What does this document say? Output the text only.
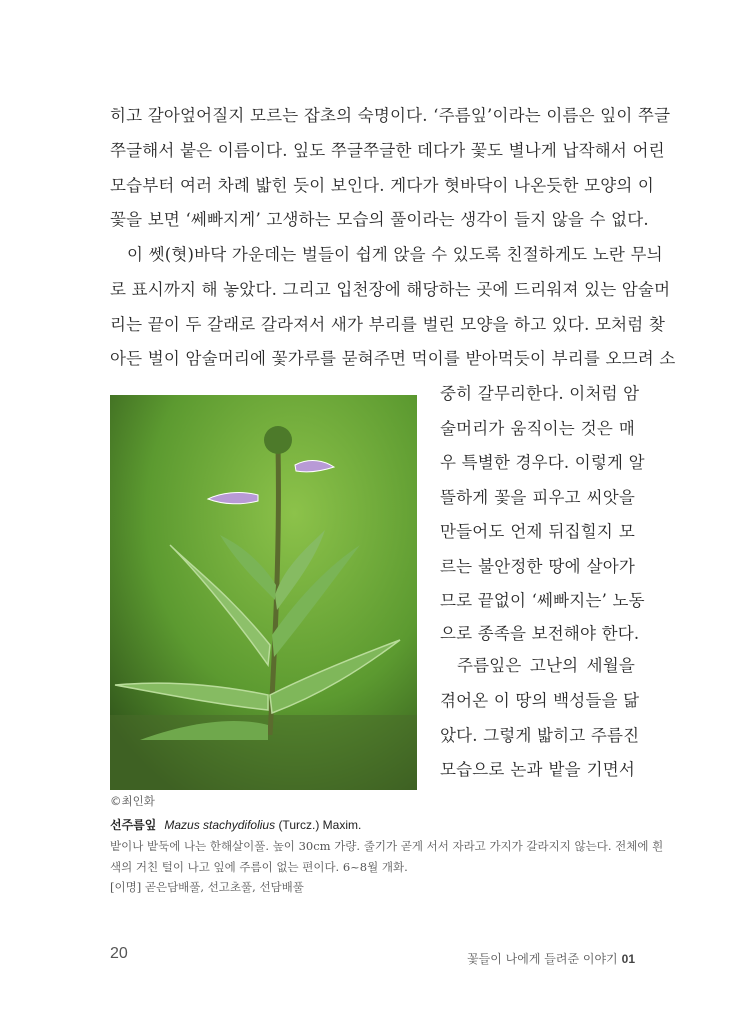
히고 갈아엎어질지 모르는 잡초의 숙명이다. ‘주름잎’이라는 이름은 잎이 쭈글
쭈글해서 붙은 이름이다. 잎도 쭈글쭈글한 데다가 꽃도 별나게 납작해서 어린
모습부터 여러 차례 밟힌 듯이 보인다. 게다가 혓바닥이 나온듯한 모양의 이
꽃을 보면 ‘쎄빠지게’ 고생하는 모습의 풀이라는 생각이 들지 않을 수 없다.
이 쎗(혓)바닥 가운데는 벌들이 쉽게 앉을 수 있도록 친절하게도 노란 무늬
로 표시까지 해 놓았다. 그리고 입천장에 해당하는 곳에 드리워져 있는 암술머
리는 끝이 두 갈래로 갈라져서 새가 부리를 벌린 모양을 하고 있다. 모처럼 찾
아든 벌이 암술머리에 꽃가루를 묻혀주면 먹이를 받아먹듯이 부리를 오므려 소
중히 갈무리한다. 이처럼 암
술머리가 움직이는 것은 매
우 특별한 경우다. 이렇게 알
뜰하게 꽃을 피우고 씨앗을
만들어도 언제 뒤집힐지 모
르는 불안정한 땅에 살아가
므로 끝없이 ‘쎄빠지는’ 노동
으로 종족을 보전해야 한다.
주름잎은 고난의 세월을
겪어온 이 땅의 백성들을 닮
았다. 그렇게 밟히고 주름진
모습으로 논과 밭을 기면서
©최인화
선주름잎 Mazus stachydifolius (Turcz.) Maxim.
밭이나 밭둑에 나는 한해살이풀. 높이 30cm 가량. 줄기가 곧게 서서 자라고 가지가 갈라지지 않는다. 전체에 흰
색의 거친 털이 나고 잎에 주름이 없는 편이다. 6~8월 개화.
[이명] 곧은담배풀, 선고초풀, 선담배풀
20	꽃들이 나에게 들려준 이야기 01
